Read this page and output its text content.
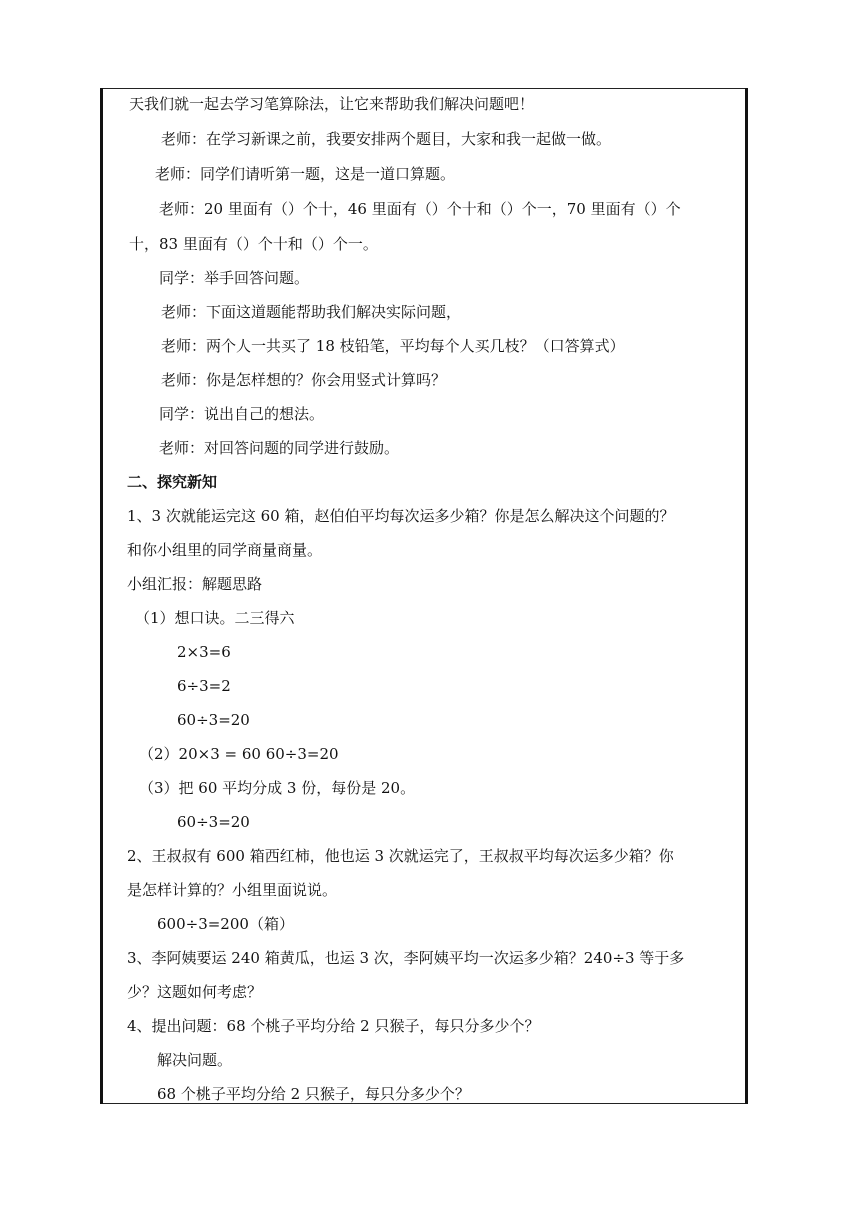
天我们就一起去学习笔算除法，让它来帮助我们解决问题吧！
老师：在学习新课之前，我要安排两个题目，大家和我一起做一做。
老师：同学们请听第一题，这是一道口算题。
老师：20 里面有（）个十，46 里面有（）个十和（）个一，70 里面有（）个
十，83 里面有（）个十和（）个一。
同学：举手回答问题。
老师：下面这道题能帮助我们解决实际问题，
老师：两个人一共买了 18 枝铅笔，平均每个人买几枝？（口答算式）
老师：你是怎样想的？你会用竖式计算吗？
同学：说出自己的想法。
老师：对回答问题的同学进行鼓励。
二、探究新知
1、3 次就能运完这 60 箱，赵伯伯平均每次运多少箱？你是怎么解决这个问题的？
和你小组里的同学商量商量。
小组汇报：解题思路
（1）想口诀。二三得六
2×3=6
6÷3=2
60÷3=20
（2）20×3 = 60 60÷3=20
（3）把 60 平均分成 3 份，每份是 20。
60÷3=20
2、王叔叔有 600 箱西红柿，他也运 3 次就运完了，王叔叔平均每次运多少箱？你
是怎样计算的？小组里面说说。
600÷3=200（箱）
3、李阿姨要运 240 箱黄瓜，也运 3 次，李阿姨平均一次运多少箱？240÷3 等于多
少？这题如何考虑？
4、提出问题：68 个桃子平均分给 2 只猴子，每只分多少个？
解决问题。
68 个桃子平均分给 2 只猴子，每只分多少个？
